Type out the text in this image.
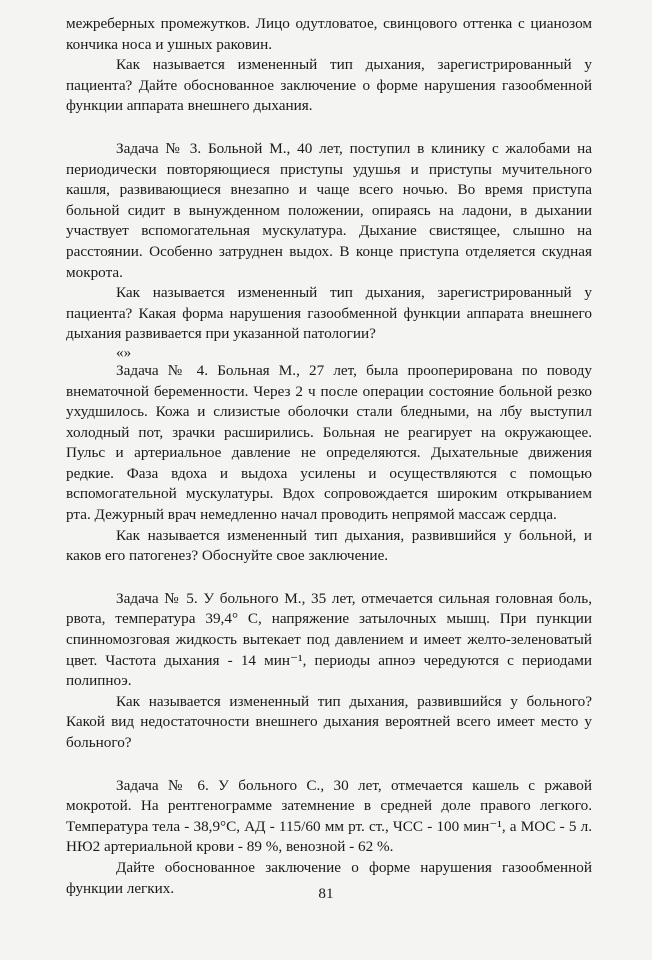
межреберных промежутков. Лицо одутловатое, свинцового оттенка с цианозом кончика носа и ушных раковин.

Как называется измененный тип дыхания, зарегистрированный у пациента? Дайте обоснованное заключение о форме нарушения газообменной функции аппарата внешнего дыхания.

Задача № 3. Больной М., 40 лет, поступил в клинику с жалобами на периодически повторяющиеся приступы удушья и приступы мучительного кашля, развивающиеся внезапно и чаще всего ночью. Во время приступа больной сидит в вынужденном положении, опираясь на ладони, в дыхании участвует вспомогательная мускулатура. Дыхание свистящее, слышно на расстоянии. Особенно затруднен выдох. В конце приступа отделяется скудная мокрота.

Как называется измененный тип дыхания, зарегистрированный у пациента? Какая форма нарушения газообменной функции аппарата внешнего дыхания развивается при указанной патологии?

«»

Задача № 4. Больная М., 27 лет, была прооперирована по поводу внематочной беременности. Через 2 ч после операции состояние больной резко ухудшилось. Кожа и слизистые оболочки стали бледными, на лбу выступил холодный пот, зрачки расширились. Больная не реагирует на окружающее. Пульс и артериальное давление не определяются. Дыхательные движения редкие. Фаза вдоха и выдоха усилены и осуществляются с помощью вспомогательной мускулатуры. Вдох сопровождается широким открыванием рта. Дежурный врач немедленно начал проводить непрямой массаж сердца.

Как называется измененный тип дыхания, развившийся у больной, и каков его патогенез? Обоснуйте свое заключение.

Задача № 5. У больного М., 35 лет, отмечается сильная головная боль, рвота, температура 39,4° С, напряжение затылочных мышц. При пункции спинномозговая жидкость вытекает под давлением и имеет желто-зеленоватый цвет. Частота дыхания - 14 мин⁻¹, периоды апноэ чередуются с периодами полипноэ.

Как называется измененный тип дыхания, развившийся у больного? Какой вид недостаточности внешнего дыхания вероятней всего имеет место у больного?

Задача № 6. У больного С., 30 лет, отмечается кашель с ржавой мокротой. На рентгенограмме затемнение в средней доле правого легкого. Температура тела - 38,9°С, АД - 115/60 мм рт. ст., ЧСС - 100 мин⁻¹, а МОС - 5 л. НЮ2 артериальной крови - 89 %, венозной - 62 %.

Дайте обоснованное заключение о форме нарушения газообменной функции легких.	81
